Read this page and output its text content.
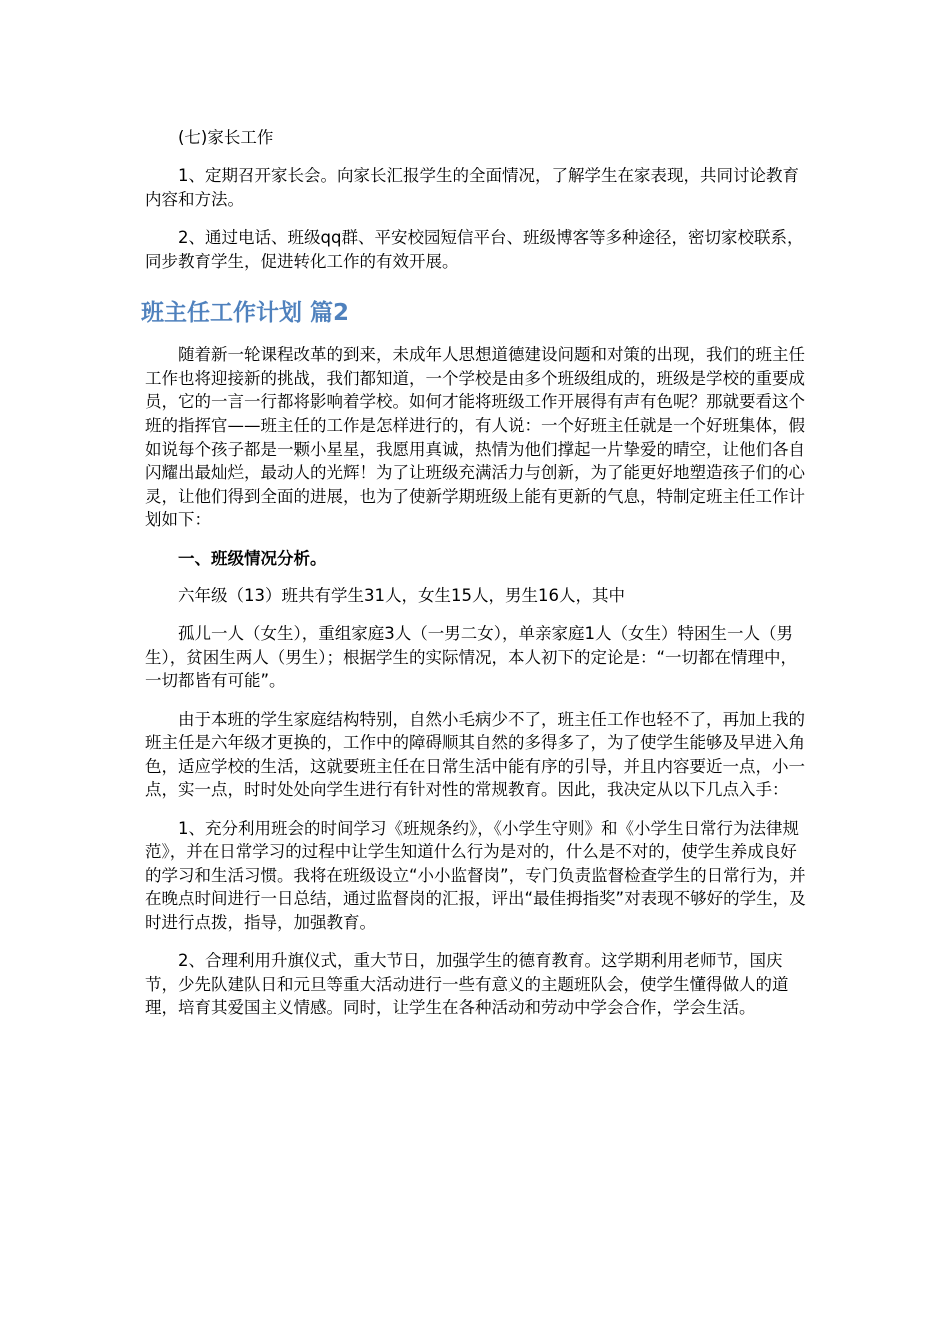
(七)家长工作

1、定期召开家长会。向家长汇报学生的全面情况，了解学生在家表现，共同讨论教育内容和方法。

2、通过电话、班级qq群、平安校园短信平台、班级博客等多种途径，密切家校联系，同步教育学生，促进转化工作的有效开展。

班主任工作计划 篇2

随着新一轮课程改革的到来，未成年人思想道德建设问题和对策的出现，我们的班主任工作也将迎接新的挑战，我们都知道，一个学校是由多个班级组成的，班级是学校的重要成员，它的一言一行都将影响着学校。如何才能将班级工作开展得有声有色呢？那就要看这个班的指挥官——班主任的工作是怎样进行的，有人说：一个好班主任就是一个好班集体，假如说每个孩子都是一颗小星星，我愿用真诚，热情为他们撑起一片挚爱的晴空，让他们各自闪耀出最灿烂，最动人的光辉！为了让班级充满活力与创新，为了能更好地塑造孩子们的心灵，让他们得到全面的进展，也为了使新学期班级上能有更新的气息，特制定班主任工作计划如下：

一、班级情况分析。

六年级（13）班共有学生31人，女生15人，男生16人，其中

孤儿一人（女生），重组家庭3人（一男二女），单亲家庭1人（女生）特困生一人（男生），贫困生两人（男生）；根据学生的实际情况，本人初下的定论是：“一切都在情理中，一切都皆有可能”。

由于本班的学生家庭结构特别，自然小毛病少不了，班主任工作也轻不了，再加上我的班主任是六年级才更换的，工作中的障碍顺其自然的多得多了，为了使学生能够及早进入角色，适应学校的生活，这就要班主任在日常生活中能有序的引导，并且内容要近一点，小一点，实一点，时时处处向学生进行有针对性的常规教育。因此，我决定从以下几点入手：

1、充分利用班会的时间学习《班规条约》，《小学生守则》和《小学生日常行为法律规范》，并在日常学习的过程中让学生知道什么行为是对的，什么是不对的，使学生养成良好的学习和生活习惯。我将在班级设立“小小监督岗”，专门负责监督检查学生的日常行为，并在晚点时间进行一日总结，通过监督岗的汇报，评出“最佳拇指奖”对表现不够好的学生，及时进行点拨，指导，加强教育。

2、合理利用升旗仪式，重大节日，加强学生的德育教育。这学期利用老师节，国庆节，少先队建队日和元旦等重大活动进行一些有意义的主题班队会，使学生懂得做人的道理，培育其爱国主义情感。同时，让学生在各种活动和劳动中学会合作，学会生活。
